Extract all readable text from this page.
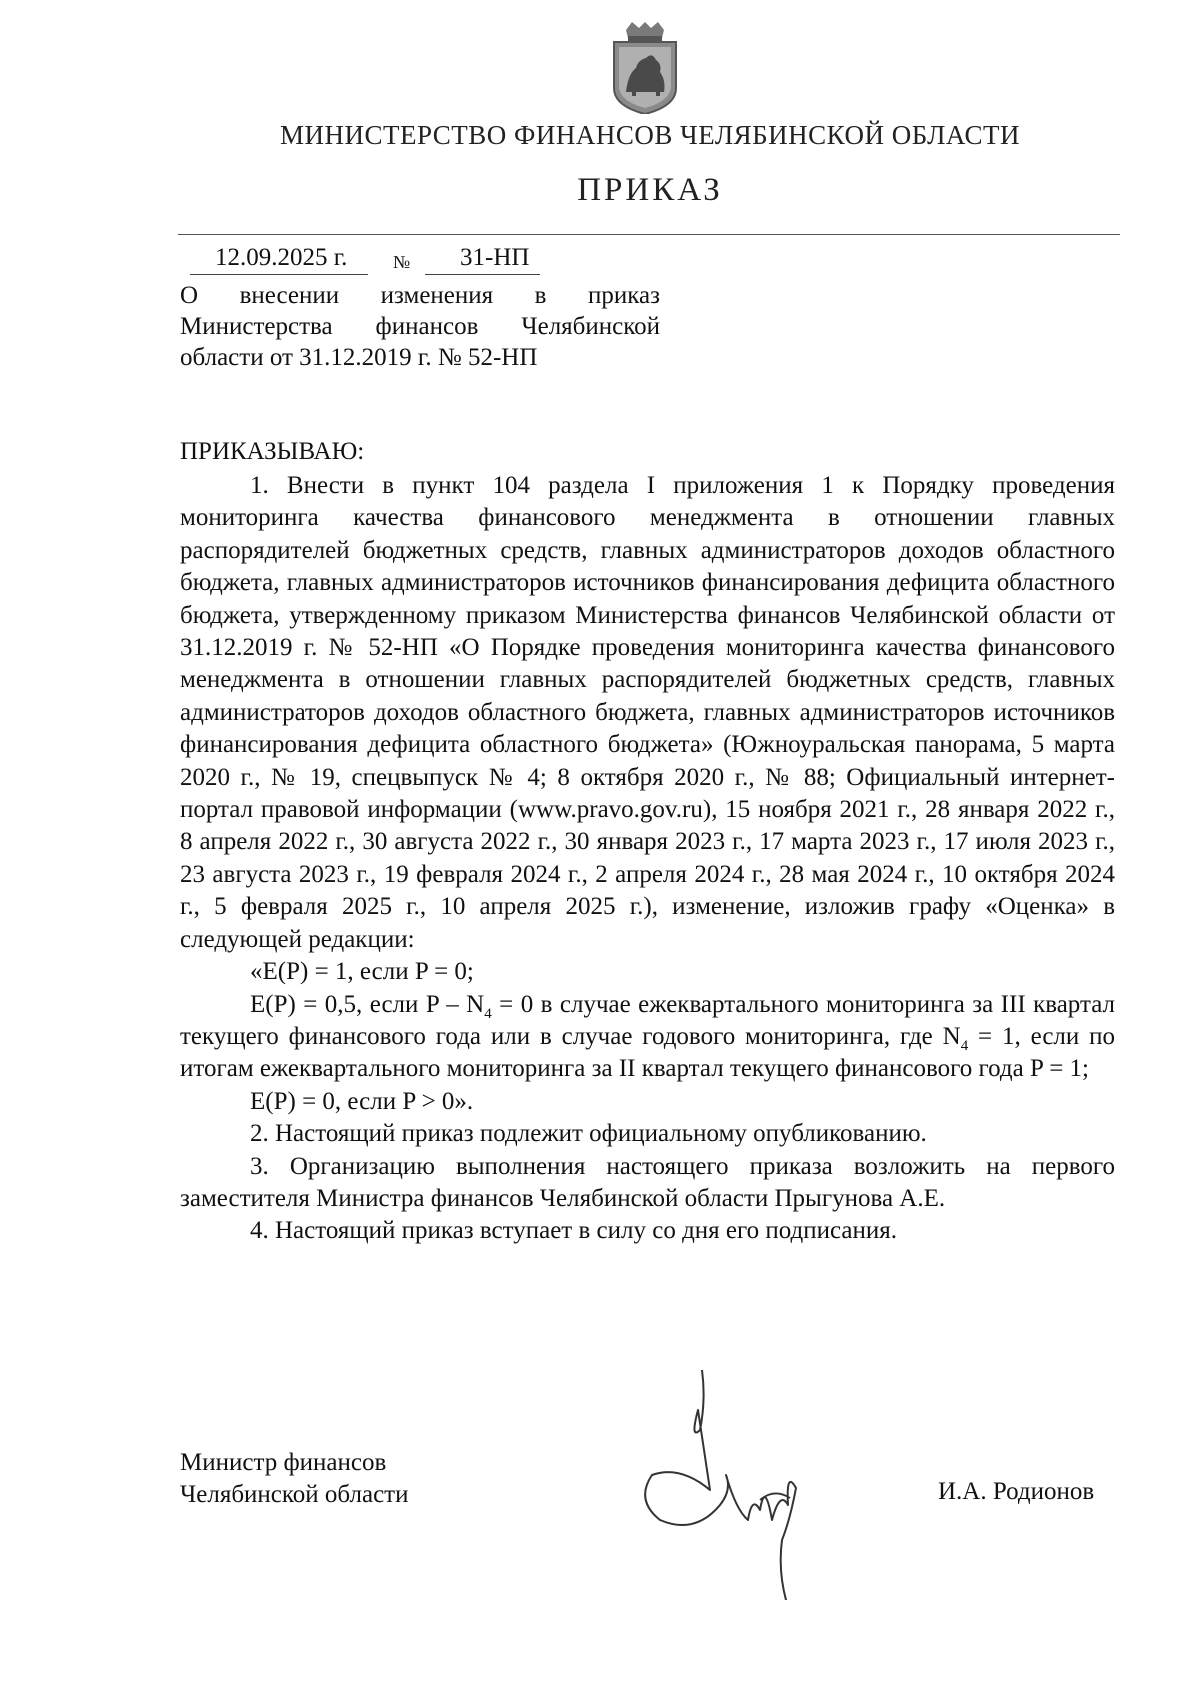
МИНИСТЕРСТВО ФИНАНСОВ ЧЕЛЯБИНСКОЙ ОБЛАСТИ
ПРИКАЗ
12.09.2025 г.	№ 31-НП
О внесении изменения в приказ
Министерства финансов Челябинской
области от 31.12.2019 г. № 52-НП
ПРИКАЗЫВАЮ:

1. Внести в пункт 104 раздела I приложения 1 к Порядку проведения мониторинга качества финансового менеджмента в отношении главных распорядителей бюджетных средств, главных администраторов доходов областного бюджета, главных администраторов источников финансирования дефицита областного бюджета, утвержденному приказом Министерства финансов Челябинской области от 31.12.2019 г. № 52-НП «О Порядке проведения мониторинга качества финансового менеджмента в отношении главных распорядителей бюджетных средств, главных администраторов доходов областного бюджета, главных администраторов источников финансирования дефицита областного бюджета» (Южноуральская панорама, 5 марта 2020 г., № 19, спецвыпуск № 4; 8 октября 2020 г., № 88; Официальный интернет-портал правовой информации (www.pravo.gov.ru), 15 ноября 2021 г., 28 января 2022 г., 8 апреля 2022 г., 30 августа 2022 г., 30 января 2023 г., 17 марта 2023 г., 17 июля 2023 г., 23 августа 2023 г., 19 февраля 2024 г., 2 апреля 2024 г., 28 мая 2024 г., 10 октября 2024 г., 5 февраля 2025 г., 10 апреля 2025 г.), изменение, изложив графу «Оценка» в следующей редакции:

«E(P) = 1, если P = 0;

E(P) = 0,5, если $P - N_4 = 0$ в случае ежеквартального мониторинга за III квартал текущего финансового года или в случае годового мониторинга, где $N_4 = 1$, если по итогам ежеквартального мониторинга за II квартал текущего финансового года P = 1;

E(P) = 0, если P > 0».

2. Настоящий приказ подлежит официальному опубликованию.

3. Организацию выполнения настоящего приказа возложить на первого заместителя Министра финансов Челябинской области Прыгунова А.Е.

4. Настоящий приказ вступает в силу со дня его подписания.

Министр финансов
Челябинской области	И.А. Родионов
